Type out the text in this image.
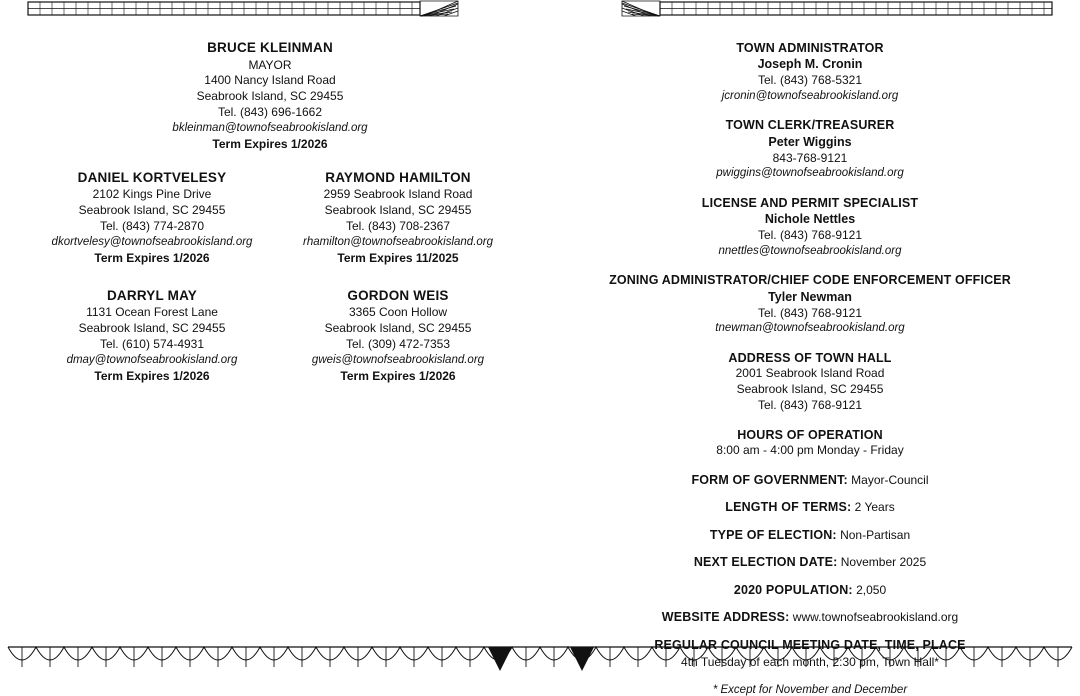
BRUCE KLEINMAN
MAYOR
1400 Nancy Island Road
Seabrook Island, SC 29455
Tel. (843) 696-1662
bkleinman@townofseabrookisland.org
Term Expires 1/2026
DANIEL KORTVELESY
2102 Kings Pine Drive
Seabrook Island, SC 29455
Tel. (843) 774-2870
dkortvelesy@townofseabrookisland.org
Term Expires 1/2026
RAYMOND HAMILTON
2959 Seabrook Island Road
Seabrook Island, SC 29455
Tel. (843) 708-2367
rhamilton@townofseabrookisland.org
Term Expires 11/2025
DARRYL MAY
1131 Ocean Forest Lane
Seabrook Island, SC 29455
Tel. (610) 574-4931
dmay@townofseabrookisland.org
Term Expires 1/2026
GORDON WEIS
3365 Coon Hollow
Seabrook Island, SC 29455
Tel. (309) 472-7353
gweis@townofseabrookisland.org
Term Expires 1/2026
TOWN ADMINISTRATOR
Joseph M. Cronin
Tel. (843) 768-5321
jcronin@townofseabrookisland.org
TOWN CLERK/TREASURER
Peter Wiggins
843-768-9121
pwiggins@townofseabrookisland.org
LICENSE AND PERMIT SPECIALIST
Nichole Nettles
Tel. (843) 768-9121
nnettles@townofseabrookisland.org
ZONING ADMINISTRATOR/CHIEF CODE ENFORCEMENT OFFICER
Tyler Newman
Tel. (843) 768-9121
tnewman@townofseabrookisland.org
ADDRESS OF TOWN HALL
2001 Seabrook Island Road
Seabrook Island, SC 29455
Tel. (843) 768-9121
HOURS OF OPERATION
8:00 am - 4:00 pm Monday - Friday
FORM OF GOVERNMENT: Mayor-Council
LENGTH OF TERMS: 2 Years
TYPE OF ELECTION: Non-Partisan
NEXT ELECTION DATE: November 2025
2020 POPULATION: 2,050
WEBSITE ADDRESS: www.townofseabrookisland.org
REGULAR COUNCIL MEETING DATE, TIME, PLACE
4th Tuesday of each month, 2:30 pm, Town Hall*
* Except for November and December
